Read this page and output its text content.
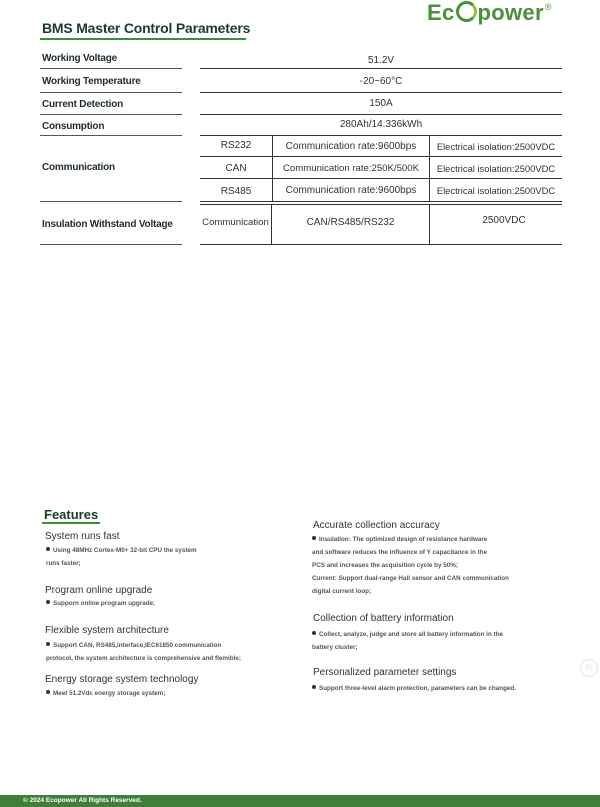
BMS Master Control Parameters
Ec power®
Working Voltage	51.2V
Working Temperature	-20~60°C
Current Detection	150A
Consumption	280Ah/14.336kWh
Communication
RS232	Communication rate:9600bps	Electrical isolation:2500VDC
CAN	Communication rate:250K/500K	Electrical isolation:2500VDC
RS485	Communication rate:9600bps	Electrical isolation:2500VDC
Insulation Withstand Voltage	Communication	CAN/RS485/RS232	2500VDC
Features
System runs fast
Using 48MHz Cortex-M0+ 32-bit CPU the system
runs faster;
Program online upgrade
Supporn online program upgrade;
Flexible system architecture
Support CAN, RS485,interface,IEC61850 communication
protocol, the system architecture is comprehensive and flemible;
Energy storage system technology
Meet 51.2Vdc energy storage system;
Accurate collection accuracy
Insulation: The optimized design of resistance hardware
and software reduces the influence of Y capacitance in the
PCS and increases the acquisition cycle by 50%;
Current: Support dual-range Hall sensor and CAN communication
digital current loop;
Collection of battery information
Collect, analyze, judge and store all battery information in the
battery cluster;
Personalized parameter settings
Support three-level alarm protection, parameters can be changed.
R
© 2024 Ecopower All Rights Reserved.
